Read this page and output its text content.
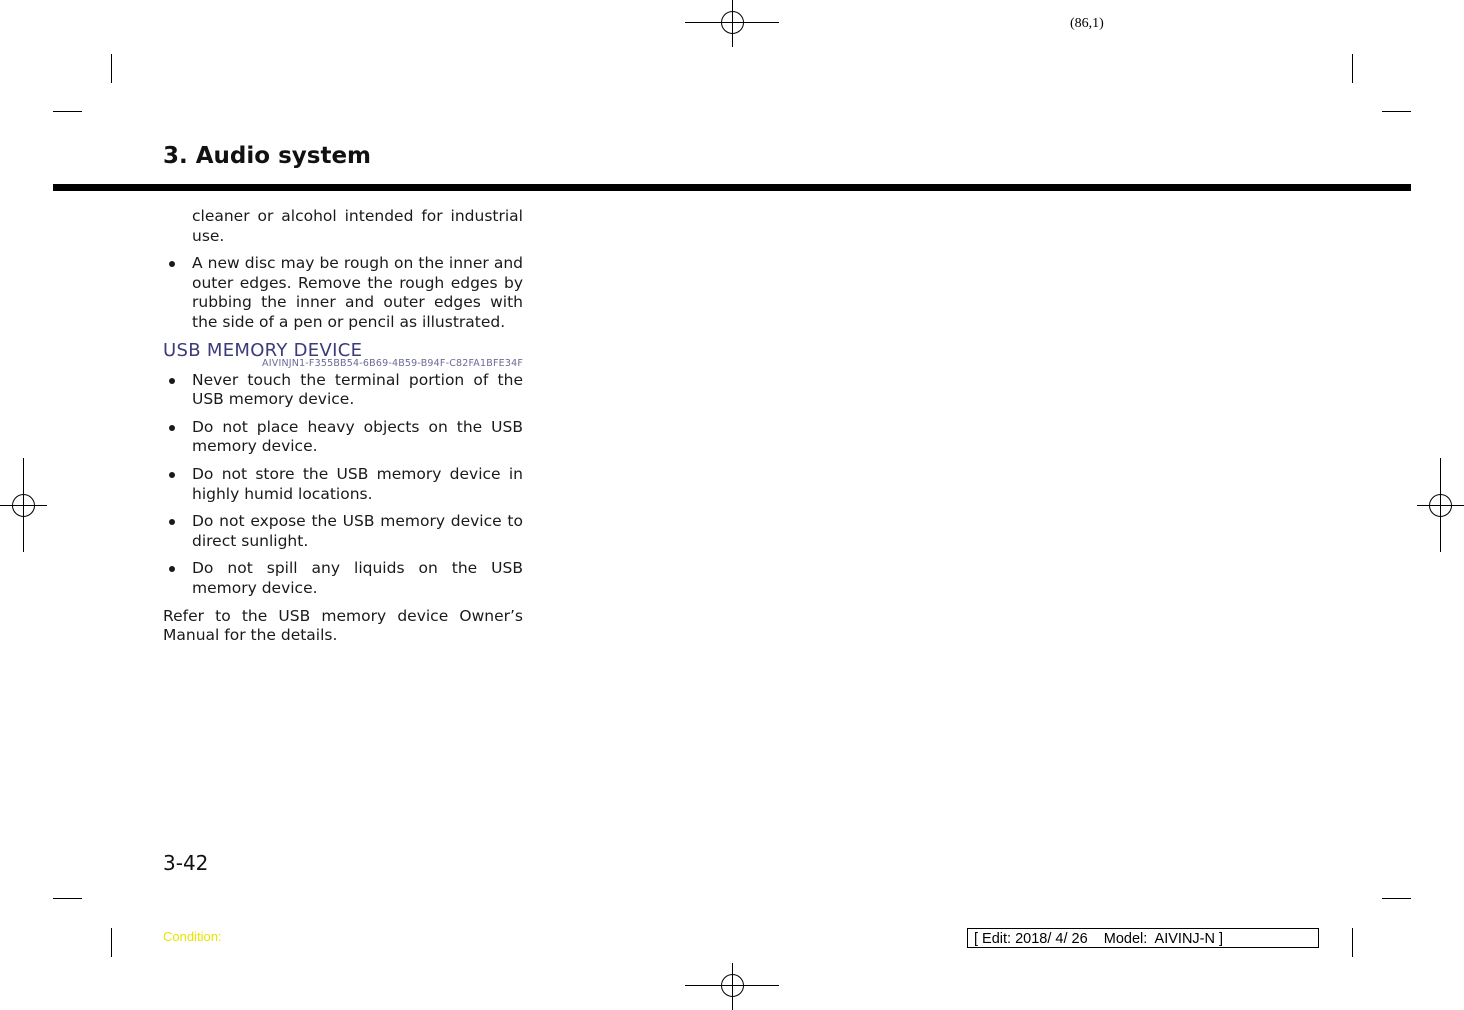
(86,1)
3. Audio system

cleaner or alcohol intended for industrial use.

A new disc may be rough on the inner and outer edges. Remove the rough edges by rubbing the inner and outer edges with the side of a pen or pencil as illustrated.
USB MEMORY DEVICE
AIVINJN1-F355BB54-6B69-4B59-B94F-C82FA1BFE34F
Never touch the terminal portion of the USB memory device.
Do not place heavy objects on the USB memory device.
Do not store the USB memory device in highly humid locations.
Do not expose the USB memory device to direct sunlight.
Do not spill any liquids on the USB memory device.

Refer to the USB memory device Owner’s Manual for the details.

3-42
Condition:	[ Edit: 2018/ 4/ 26    Model:  AIVINJ-N ]
